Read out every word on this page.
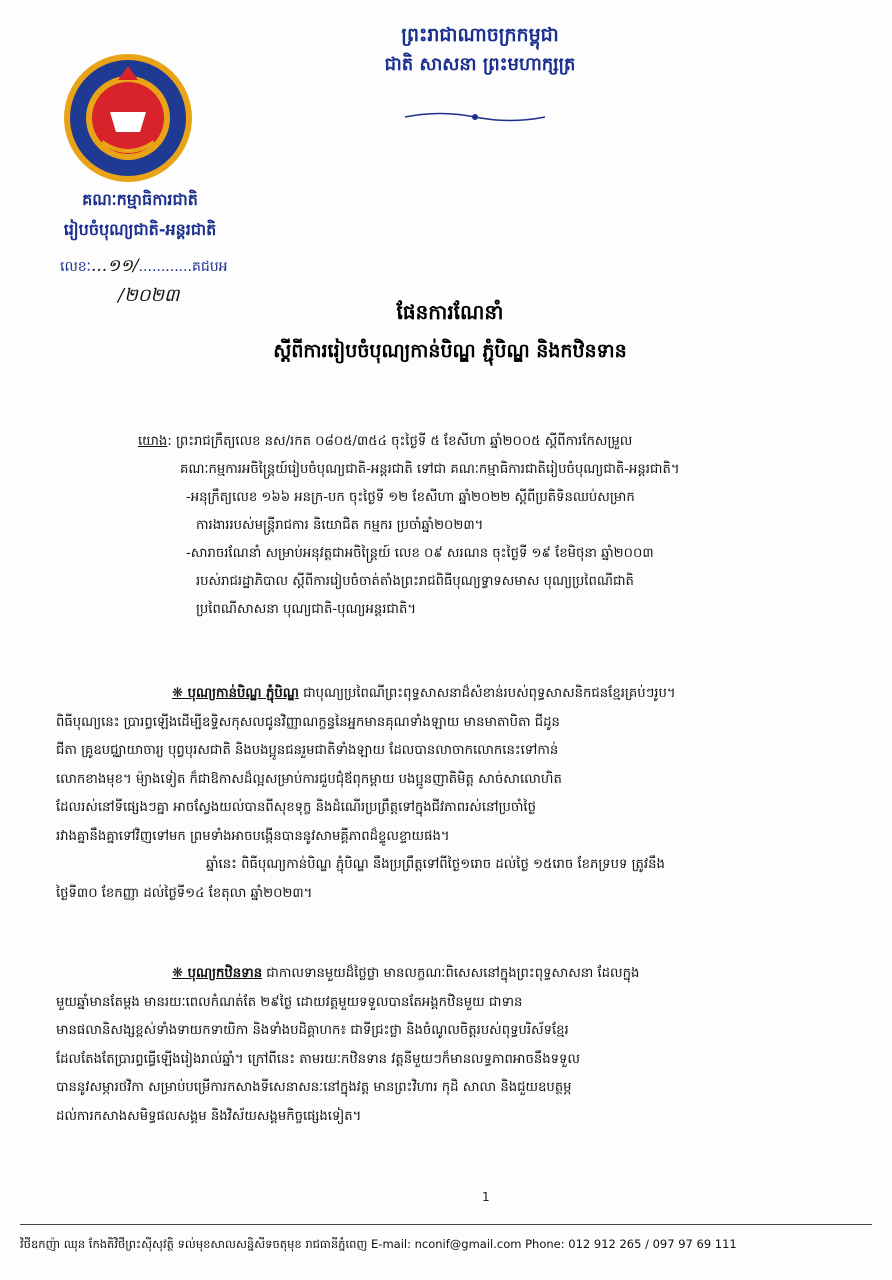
ព្រះរាជាណាចក្រកម្ពុជា
ជាតិ សាសនា ព្រះមហាក្សត្រ
គណៈកម្មាធិការជាតិ
រៀបចំបុណ្យជាតិ-អន្តរជាតិ
លេខៈ...១១/............គជបអ
/២០២៣
ផែនការណែនាំ
ស្តីពីការរៀបចំបុណ្យកាន់បិណ្ឌ ភ្ជុំបិណ្ឌ និងកឋិនទាន
យោង: ព្រះរាជក្រឹត្យលេខ នស/រកត ០៨០៥/៣៥៤ ចុះថ្ងៃទី ៥ ខែសីហា ឆ្នាំ២០០៥ ស្តីពីការកែសម្រួល
គណៈកម្មការអចិន្ត្រៃយ៍រៀបចំបុណ្យជាតិ-អន្តរជាតិ ទៅជា គណៈកម្មាធិការជាតិរៀបចំបុណ្យជាតិ-អន្តរជាតិ។
-អនុក្រឹត្យលេខ ១៦៦ អនក្រ-បក ចុះថ្ងៃទី ១២ ខែសីហា ឆ្នាំ២០២២ ស្តីពីប្រតិទិនឈប់សម្រាក
ការងាររបស់មន្ត្រីរាជការ និយោជិត កម្មករ ប្រចាំឆ្នាំ២០២៣។
-សារាចរណែនាំ សម្រាប់អនុវត្តជាអចិន្ត្រៃយ៍ លេខ ០៩ សរណន ចុះថ្ងៃទី ១៩ ខែមិថុនា ឆ្នាំ២០០៣
របស់រាជរដ្ឋាភិបាល ស្តីពីការរៀបចំចាត់តាំងព្រះរាជពិធីបុណ្យទ្វាទសមាស បុណ្យប្រពៃណីជាតិ
ប្រពៃណីសាសនា បុណ្យជាតិ-បុណ្យអន្តរជាតិ។
❋ បុណ្យកាន់បិណ្ឌ ភ្ជុំបិណ្ឌ ជាបុណ្យប្រពៃណីព្រះពុទ្ធសាសនាដ៏សំខាន់របស់ពុទ្ធសាសនិកជនខ្មែរគ្រប់ៗរូប។
ពិធីបុណ្យនេះ ប្រារព្ធឡើងដើម្បីឧទ្ទិសកុសលជូនវិញ្ញាណក្ខន្ធនៃអ្នកមានគុណទាំងឡាយ មានមាតាបិតា ជីដូន
ជីតា គ្រូឧបជ្ឈាយាចារ្យ បុព្វបុរសជាតិ និងបងប្អូនជនរួមជាតិទាំងឡាយ ដែលបានលាចាកលោកនេះទៅកាន់
លោកខាងមុខ។ ម៉្យាងទៀត ក៏ជាឱកាសដ៏ល្អសម្រាប់ការជួបជុំឪពុកម្តាយ បងប្អូនញាតិមិត្ត សាច់សាលោហិត
ដែលរស់នៅទីផ្សេងៗគ្នា អាចស្វែងយល់បានពីសុខទុក្ខ និងដំណើរប្រព្រឹត្តទៅក្នុងជីវភាពរស់នៅប្រចាំថ្ងៃ
រវាងគ្នានឹងគ្នាទៅវិញទៅមក ព្រមទាំងអាចបង្កើនបាននូវសាមគ្គីភាពដ៏ខ្ទូលខ្ទាយផង។
ឆ្នាំនេះ ពិធីបុណ្យកាន់បិណ្ឌ ភ្ជុំបិណ្ឌ នឹងប្រព្រឹត្តទៅពីថ្ងៃ១រោច ដល់ថ្ងៃ ១៥រោច ខែភទ្របទ ត្រូវនឹង
ថ្ងៃទី៣០ ខែកញ្ញា ដល់ថ្ងៃទី១៤ ខែតុលា ឆ្នាំ២០២៣។
❋ បុណ្យកឋិនទាន ជាកាលទានមួយដ៏ថ្លៃថ្លា មានលក្ខណៈពិសេសនៅក្នុងព្រះពុទ្ធសាសនា ដែលក្នុង
មួយឆ្នាំមានតែម្តង មានរយៈពេលកំណត់តែ ២៩ថ្ងៃ ដោយវត្តមួយទទួលបានតែអង្គកឋិនមួយ ជាទាន
មានផលានិសង្សខ្ពស់ទាំងទាយកទាយិកា និងទាំងបដិគ្គាហក៖ ជាទីជ្រះថ្លា និងចំណូលចិត្តរបស់ពុទ្ធបរិស័ទខ្មែរ
ដែលតែងតែប្រារព្ធធ្វើឡើងរៀងរាល់ឆ្នាំ។ ក្រៅពីនេះ តាមរយៈកឋិនទាន វត្តនីមួយៗក៏មានលទ្ធភាពអាចនឹងទទួល
បាននូវសម្ភារថវិកា សម្រាប់បម្រើការកសាងទីសេនាសនៈនៅក្នុងវត្ត មានព្រះវិហារ កុដិ សាលា និងជួយឧបត្ថម្ភ
ដល់ការកសាងសមិទ្ធផលសង្គម និងវិស័យសង្គមកិច្ចផ្សេងទៀត។
1
វិថីឧកញ៉ា ឈុន កែងតិវិថីព្រះស៊ីសុវត្ថិ ទល់មុខសាលសន្និសីទចតុមុខ រាជធានីភ្នំពេញ E-mail: nconif@gmail.com Phone: 012 912 265 / 097 97 69 111
